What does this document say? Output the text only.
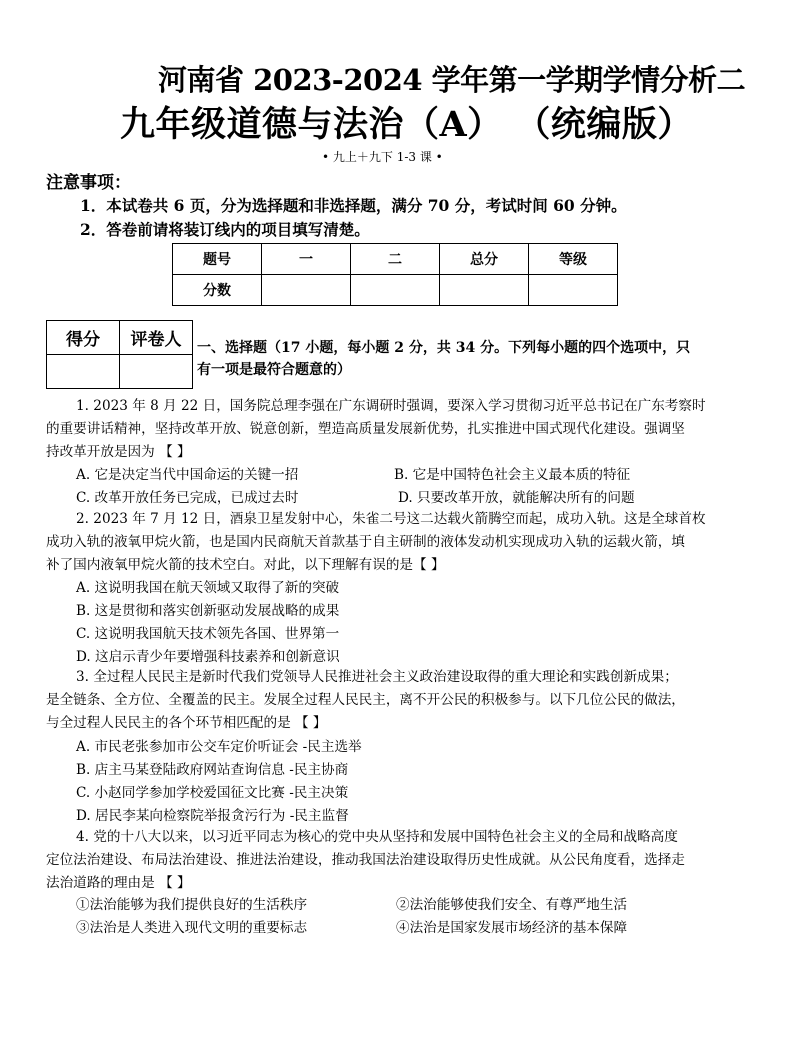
河南省 2023-2024 学年第一学期学情分析二
九年级道德与法治（A） （统编版）
• 九上＋九下 1-3 课 •
注意事项：
1．本试卷共 6 页，分为选择题和非选择题，满分 70 分，考试时间 60 分钟。
2．答卷前请将装订线内的项目填写清楚。
题号	一	二	总分	等级
分数				
得分	评卷人
	一、选择题（17 小题，每小题 2 分，共 34 分。下列每小题的四个选项中，只
有一项是最符合题意的）
1. 2023 年 8 月 22 日，国务院总理李强在广东调研时强调，要深入学习贯彻习近平总书记在广东考察时
的重要讲话精神，坚持改革开放、锐意创新，塑造高质量发展新优势，扎实推进中国式现代化建设。强调坚
持改革开放是因为 【 】
A. 它是决定当代中国命运的关键一招	B. 它是中国特色社会主义最本质的特征
C. 改革开放任务已完成，已成过去时	D. 只要改革开放，就能解决所有的问题
2. 2023 年 7 月 12 日，酒泉卫星发射中心，朱雀二号这二达载火箭腾空而起，成功入轨。这是全球首枚
成功入轨的液氧甲烷火箭，也是国内民商航天首款基于自主研制的液体发动机实现成功入轨的运载火箭，填
补了国内液氧甲烷火箭的技术空白。对此，以下理解有误的是【 】
A. 这说明我国在航天领域又取得了新的突破
B. 这是贯彻和落实创新驱动发展战略的成果
C. 这说明我国航天技术领先各国、世界第一
D. 这启示青少年要增强科技素养和创新意识
3. 全过程人民民主是新时代我们党领导人民推进社会主义政治建设取得的重大理论和实践创新成果；
是全链条、全方位、全覆盖的民主。发展全过程人民民主，离不开公民的积极参与。以下几位公民的做法，
与全过程人民民主的各个环节相匹配的是 【 】
A. 市民老张参加市公交车定价听证会 -民主选举
B. 店主马某登陆政府网站查询信息 -民主协商
C. 小赵同学参加学校爱国征文比赛 -民主决策
D. 居民李某向检察院举报贪污行为 -民主监督
4. 党的十八大以来，以习近平同志为核心的党中央从坚持和发展中国特色社会主义的全局和战略高度
定位法治建设、布局法治建设、推进法治建设，推动我国法治建设取得历史性成就。从公民角度看，选择走
法治道路的理由是 【 】
①法治能够为我们提供良好的生活秩序	②法治能够使我们安全、有尊严地生活
③法治是人类进入现代文明的重要标志	④法治是国家发展市场经济的基本保障
